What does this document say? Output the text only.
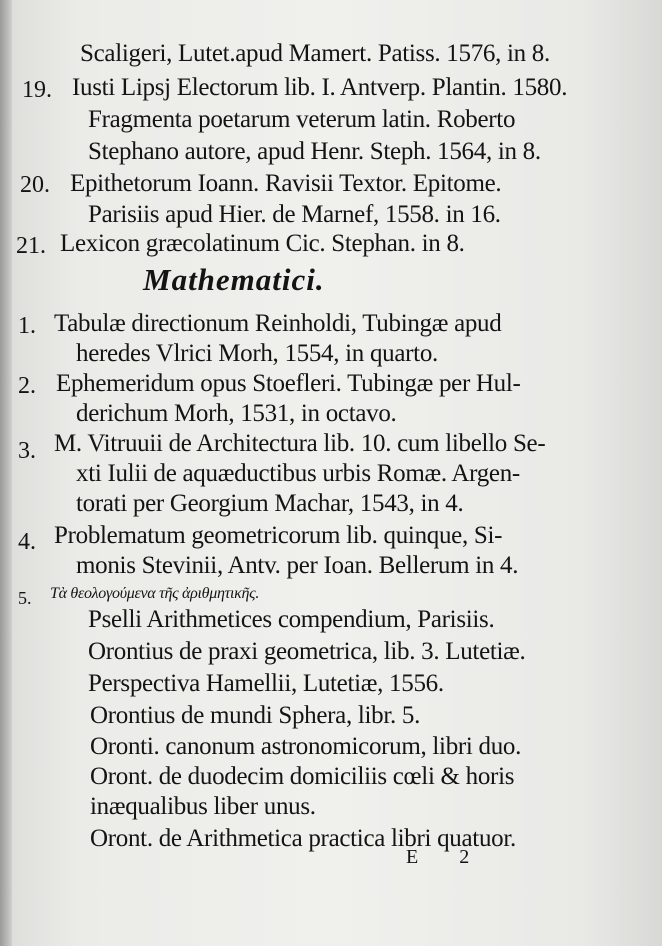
Scaligeri, Lutet.apud Mamert. Patiss. 1576, in 8.
19. Iusti Lipsj Electorum lib. I. Antverp. Plantin. 1580.
Fragmenta poetarum veterum latin. Roberto
Stephano autore, apud Henr. Steph. 1564, in 8.
20. Epithetorum Ioann. Ravisii Textor. Epitome.
Parisiis apud Hier. de Marnef, 1558. in 16.
21. Lexicon græcolatinum Cic. Stephan. in 8.
Mathematici.
1. Tabulæ directionum Reinholdi, Tubingæ apud
heredes Vlrici Morh, 1554, in quarto.
2. Ephemeridum opus Stoefleri. Tubingæ per Hul-
derichum Morh, 1531, in octavo.
3. M. Vitruuii de Architectura lib. 10. cum libello Se-
xti Iulii de aquæductibus urbis Romæ. Argen-
torati per Georgium Machar, 1543, in 4.
4. Problematum geometricorum lib. quinque, Si-
monis Stevinii, Antv. per Ioan. Bellerum in 4.
5. Τὰ θεολογούμενα τῆς ἀριθμητικῆς.
Pselli Arithmetices compendium, Parisiis.
Orontius de praxi geometrica, lib. 3. Lutetiæ.
Perspectiva Hamellii, Lutetiæ, 1556.
Orontius de mundi Sphera, libr. 5.
Oronti. canonum astronomicorum, libri duo.
Oront. de duodecim domiciliis cœli & horis
inæqualibus liber unus.
Oront. de Arithmetica practica libri quatuor.
E 2
